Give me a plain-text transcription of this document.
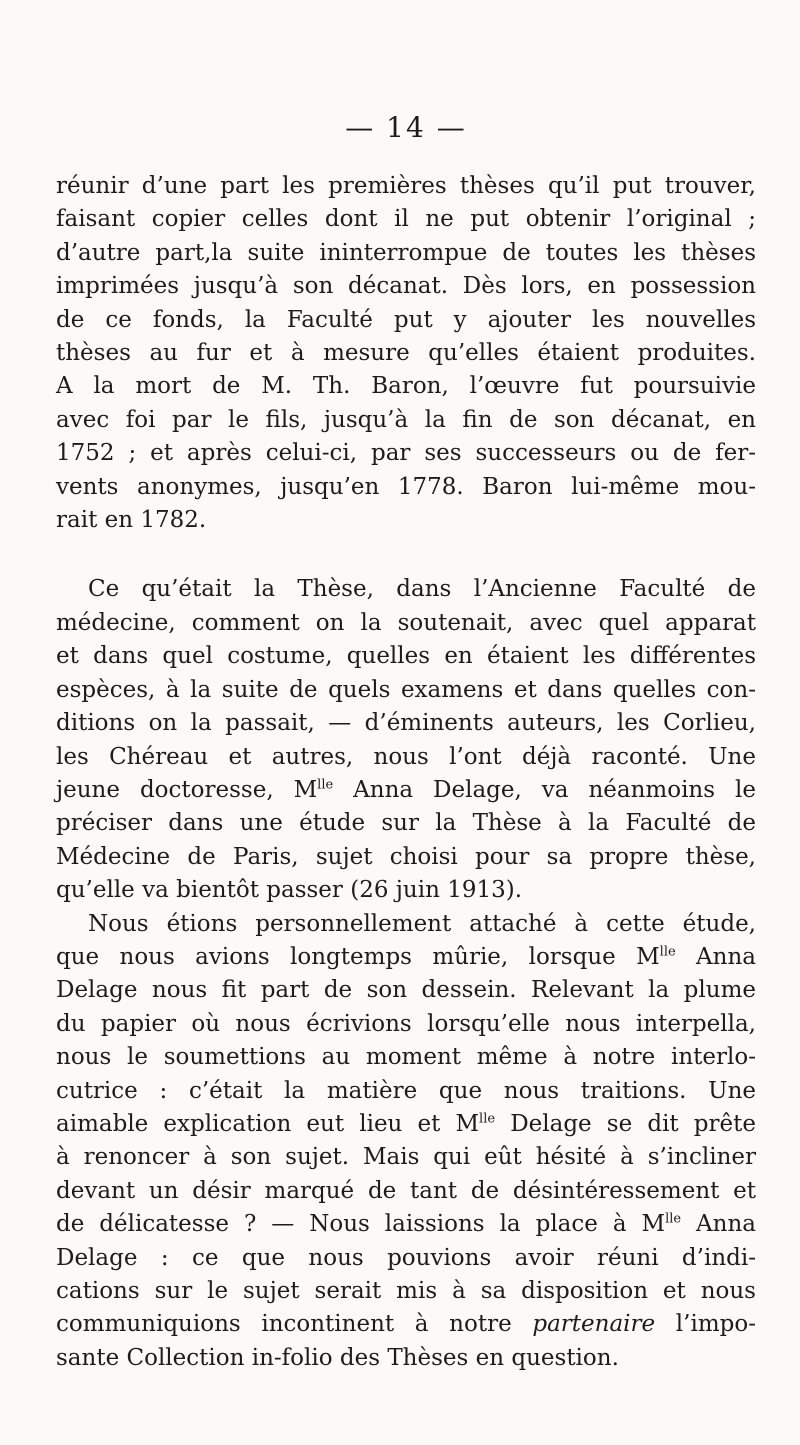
— 14 —
réunir d’une part les premières thèses qu’il put trouver,
faisant copier celles dont il ne put obtenir l’original ;
d’autre part,la suite ininterrompue de toutes les thèses
imprimées jusqu’à son décanat. Dès lors, en possession
de ce fonds, la Faculté put y ajouter les nouvelles
thèses au fur et à mesure qu’elles étaient produites.
A la mort de M. Th. Baron, l’œuvre fut poursuivie
avec foi par le fils, jusqu’à la fin de son décanat, en
1752 ; et après celui-ci, par ses successeurs ou de fer-
vents anonymes, jusqu’en 1778. Baron lui-même mou-
rait en 1782.
Ce qu’était la Thèse, dans l’Ancienne Faculté de
médecine, comment on la soutenait, avec quel apparat
et dans quel costume, quelles en étaient les différentes
espèces, à la suite de quels examens et dans quelles con-
ditions on la passait, — d’éminents auteurs, les Corlieu,
les Chéreau et autres, nous l’ont déjà raconté. Une
jeune doctoresse, $M^{lle}$ Anna Delage, va néanmoins le
préciser dans une étude sur la Thèse à la Faculté de
Médecine de Paris, sujet choisi pour sa propre thèse,
qu’elle va bientôt passer (26 juin 1913).
Nous étions personnellement attaché à cette étude,
que nous avions longtemps mûrie, lorsque $M^{lle}$ Anna
Delage nous fit part de son dessein. Relevant la plume
du papier où nous écrivions lorsqu’elle nous interpella,
nous le soumettions au moment même à notre interlo-
cutrice : c’était la matière que nous traitions. Une
aimable explication eut lieu et $M^{lle}$ Delage se dit prête
à renoncer à son sujet. Mais qui eût hésité à s’incliner
devant un désir marqué de tant de désintéressement et
de délicatesse ? — Nous laissions la place à $M^{lle}$ Anna
Delage : ce que nous pouvions avoir réuni d’indi-
cations sur le sujet serait mis à sa disposition et nous
communiquions incontinent à notre partenaire l’impo-
sante Collection in-folio des Thèses en question.
